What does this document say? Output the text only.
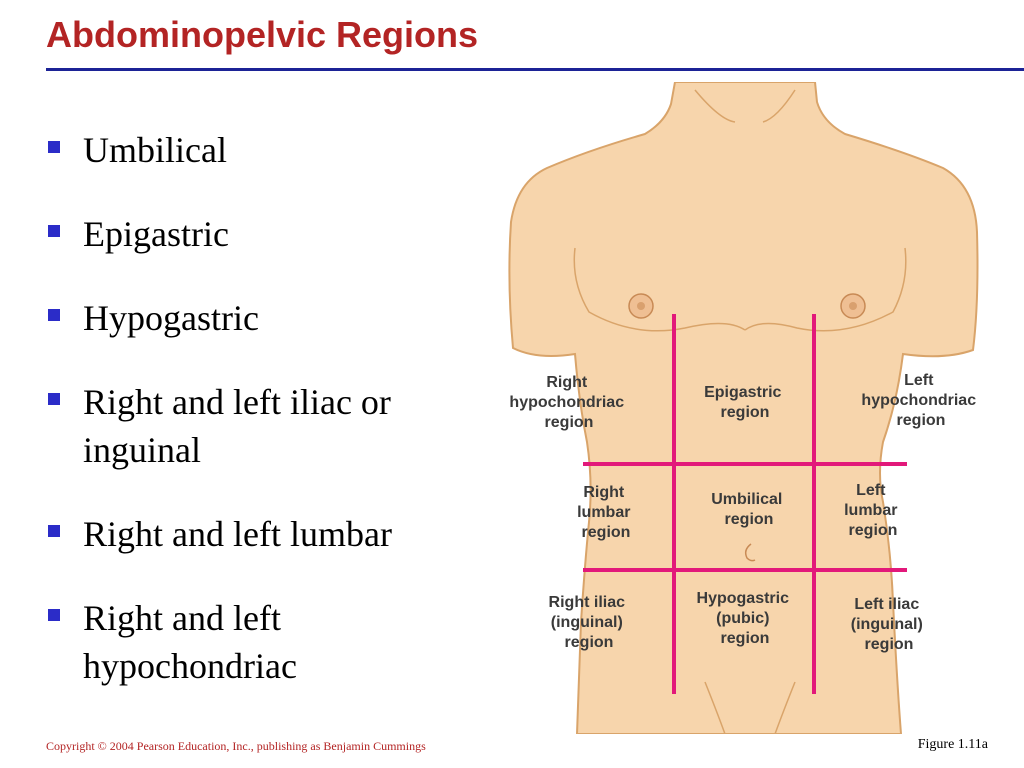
Abdominopelvic Regions
Umbilical
Epigastric
Hypogastric
Right and left iliac or
inguinal
Right and left lumbar
Right and left
hypochondriac
Right hypochondriac region
Epigastric region
Left hypochondriac region
Right lumbar region
Umbilical region
Left lumbar region
Right iliac (inguinal) region
Hypogastric (pubic) region
Left iliac (inguinal) region
Copyright © 2004 Pearson Education, Inc., publishing as Benjamin Cummings	Figure 1.11a
